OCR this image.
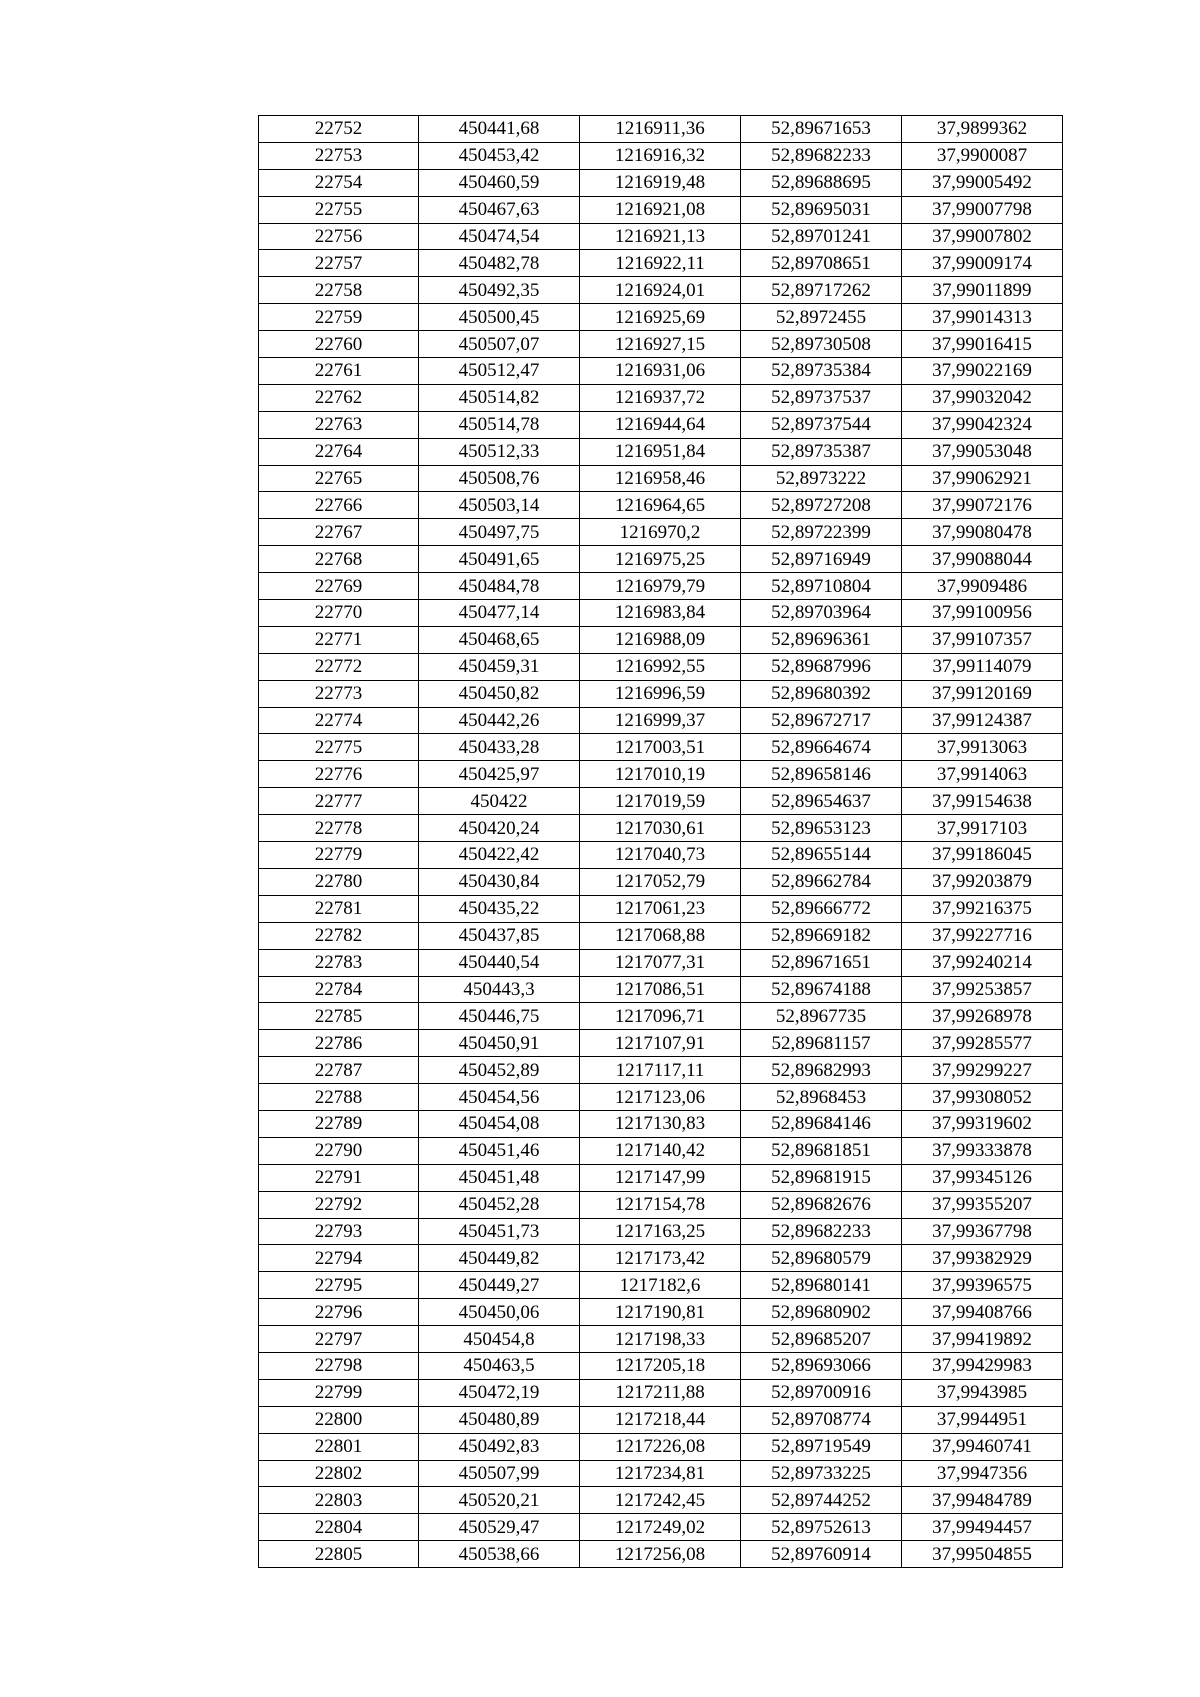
22752	450441,68	1216911,36	52,89671653	37,9899362
22753	450453,42	1216916,32	52,89682233	37,9900087
22754	450460,59	1216919,48	52,89688695	37,99005492
22755	450467,63	1216921,08	52,89695031	37,99007798
22756	450474,54	1216921,13	52,89701241	37,99007802
22757	450482,78	1216922,11	52,89708651	37,99009174
22758	450492,35	1216924,01	52,89717262	37,99011899
22759	450500,45	1216925,69	52,8972455	37,99014313
22760	450507,07	1216927,15	52,89730508	37,99016415
22761	450512,47	1216931,06	52,89735384	37,99022169
22762	450514,82	1216937,72	52,89737537	37,99032042
22763	450514,78	1216944,64	52,89737544	37,99042324
22764	450512,33	1216951,84	52,89735387	37,99053048
22765	450508,76	1216958,46	52,8973222	37,99062921
22766	450503,14	1216964,65	52,89727208	37,99072176
22767	450497,75	1216970,2	52,89722399	37,99080478
22768	450491,65	1216975,25	52,89716949	37,99088044
22769	450484,78	1216979,79	52,89710804	37,9909486
22770	450477,14	1216983,84	52,89703964	37,99100956
22771	450468,65	1216988,09	52,89696361	37,99107357
22772	450459,31	1216992,55	52,89687996	37,99114079
22773	450450,82	1216996,59	52,89680392	37,99120169
22774	450442,26	1216999,37	52,89672717	37,99124387
22775	450433,28	1217003,51	52,89664674	37,9913063
22776	450425,97	1217010,19	52,89658146	37,9914063
22777	450422	1217019,59	52,89654637	37,99154638
22778	450420,24	1217030,61	52,89653123	37,9917103
22779	450422,42	1217040,73	52,89655144	37,99186045
22780	450430,84	1217052,79	52,89662784	37,99203879
22781	450435,22	1217061,23	52,89666772	37,99216375
22782	450437,85	1217068,88	52,89669182	37,99227716
22783	450440,54	1217077,31	52,89671651	37,99240214
22784	450443,3	1217086,51	52,89674188	37,99253857
22785	450446,75	1217096,71	52,8967735	37,99268978
22786	450450,91	1217107,91	52,89681157	37,99285577
22787	450452,89	1217117,11	52,89682993	37,99299227
22788	450454,56	1217123,06	52,8968453	37,99308052
22789	450454,08	1217130,83	52,89684146	37,99319602
22790	450451,46	1217140,42	52,89681851	37,99333878
22791	450451,48	1217147,99	52,89681915	37,99345126
22792	450452,28	1217154,78	52,89682676	37,99355207
22793	450451,73	1217163,25	52,89682233	37,99367798
22794	450449,82	1217173,42	52,89680579	37,99382929
22795	450449,27	1217182,6	52,89680141	37,99396575
22796	450450,06	1217190,81	52,89680902	37,99408766
22797	450454,8	1217198,33	52,89685207	37,99419892
22798	450463,5	1217205,18	52,89693066	37,99429983
22799	450472,19	1217211,88	52,89700916	37,9943985
22800	450480,89	1217218,44	52,89708774	37,9944951
22801	450492,83	1217226,08	52,89719549	37,99460741
22802	450507,99	1217234,81	52,89733225	37,9947356
22803	450520,21	1217242,45	52,89744252	37,99484789
22804	450529,47	1217249,02	52,89752613	37,99494457
22805	450538,66	1217256,08	52,89760914	37,99504855
